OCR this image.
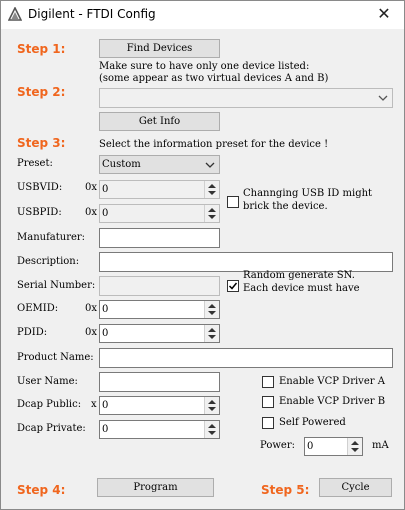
Digilent - FTDI Config	✕
Step 1:	Find Devices
Make sure to have only one device listed:
(some appear as two virtual devices A and B)
Step 2:
Get Info
Step 3:	Select the information preset for the device !
Preset:	Custom
USBVID: 0x 0	Channging USB ID might
brick the device.
USBPID: 0x 0
Manufaturer:
Description:
Serial Number:
Random generate SN.
Each device must have
OEMID:	0x 0
PDID:	0x 0
Product Name:
User Name:
Dcap Public: x 0
Dcap Private:	0
Enable VCP Driver A
Enable VCP Driver B
Self Powered
Power:	0	mA
Step 4:	Program	Step 5:	Cycle
